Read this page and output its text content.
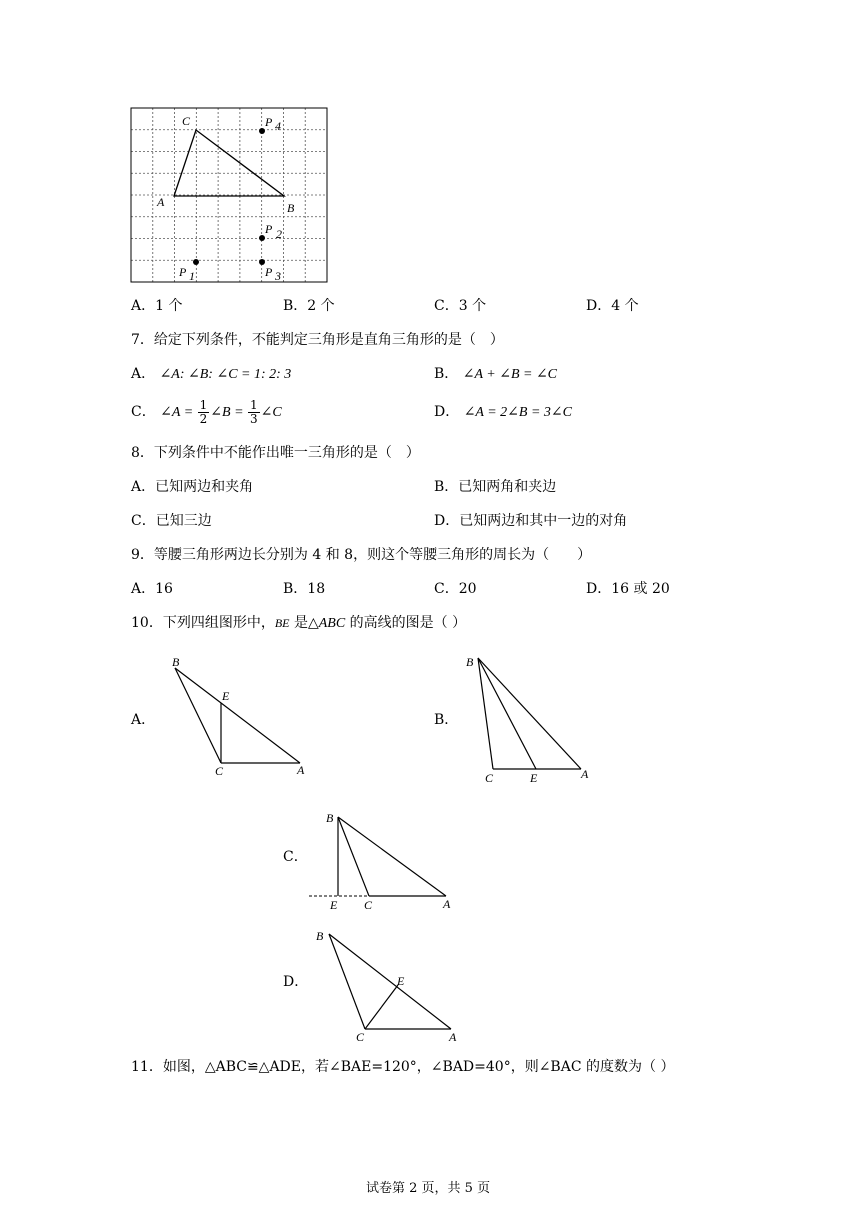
C
A	B
P 4
P 2
P 1	P 3
A．1 个	B．2 个	C．3 个	D．4 个
7．给定下列条件，不能判定三角形是直角三角形的是（　）
A． ∠A: ∠B: ∠C = 1: 2: 3	B． ∠A + ∠B = ∠C
C． ∠A = $\frac{1}{2}$ ∠B = $\frac{1}{3}$ ∠C	D． ∠A = 2∠B = 3∠C
8．下列条件中不能作出唯一三角形的是（　）
A．已知两边和夹角	B．已知两角和夹边
C．已知三边	D．已知两边和其中一边的对角
9．等腰三角形两边长分别为 4 和 8，则这个等腰三角形的周长为（　　）
A．16	B．18	C．20	D．16 或 20
10．下列四组图形中，BE 是△ABC 的高线的图是（ ）
A．
B
E
C	A
B．
B
C	E	A
C．
B
E C	A
D．
B
E
C	A
11．如图，△ABC≌△ADE，若∠BAE=120°，∠BAD=40°，则∠BAC 的度数为（ ）
试卷第 2 页，共 5 页
